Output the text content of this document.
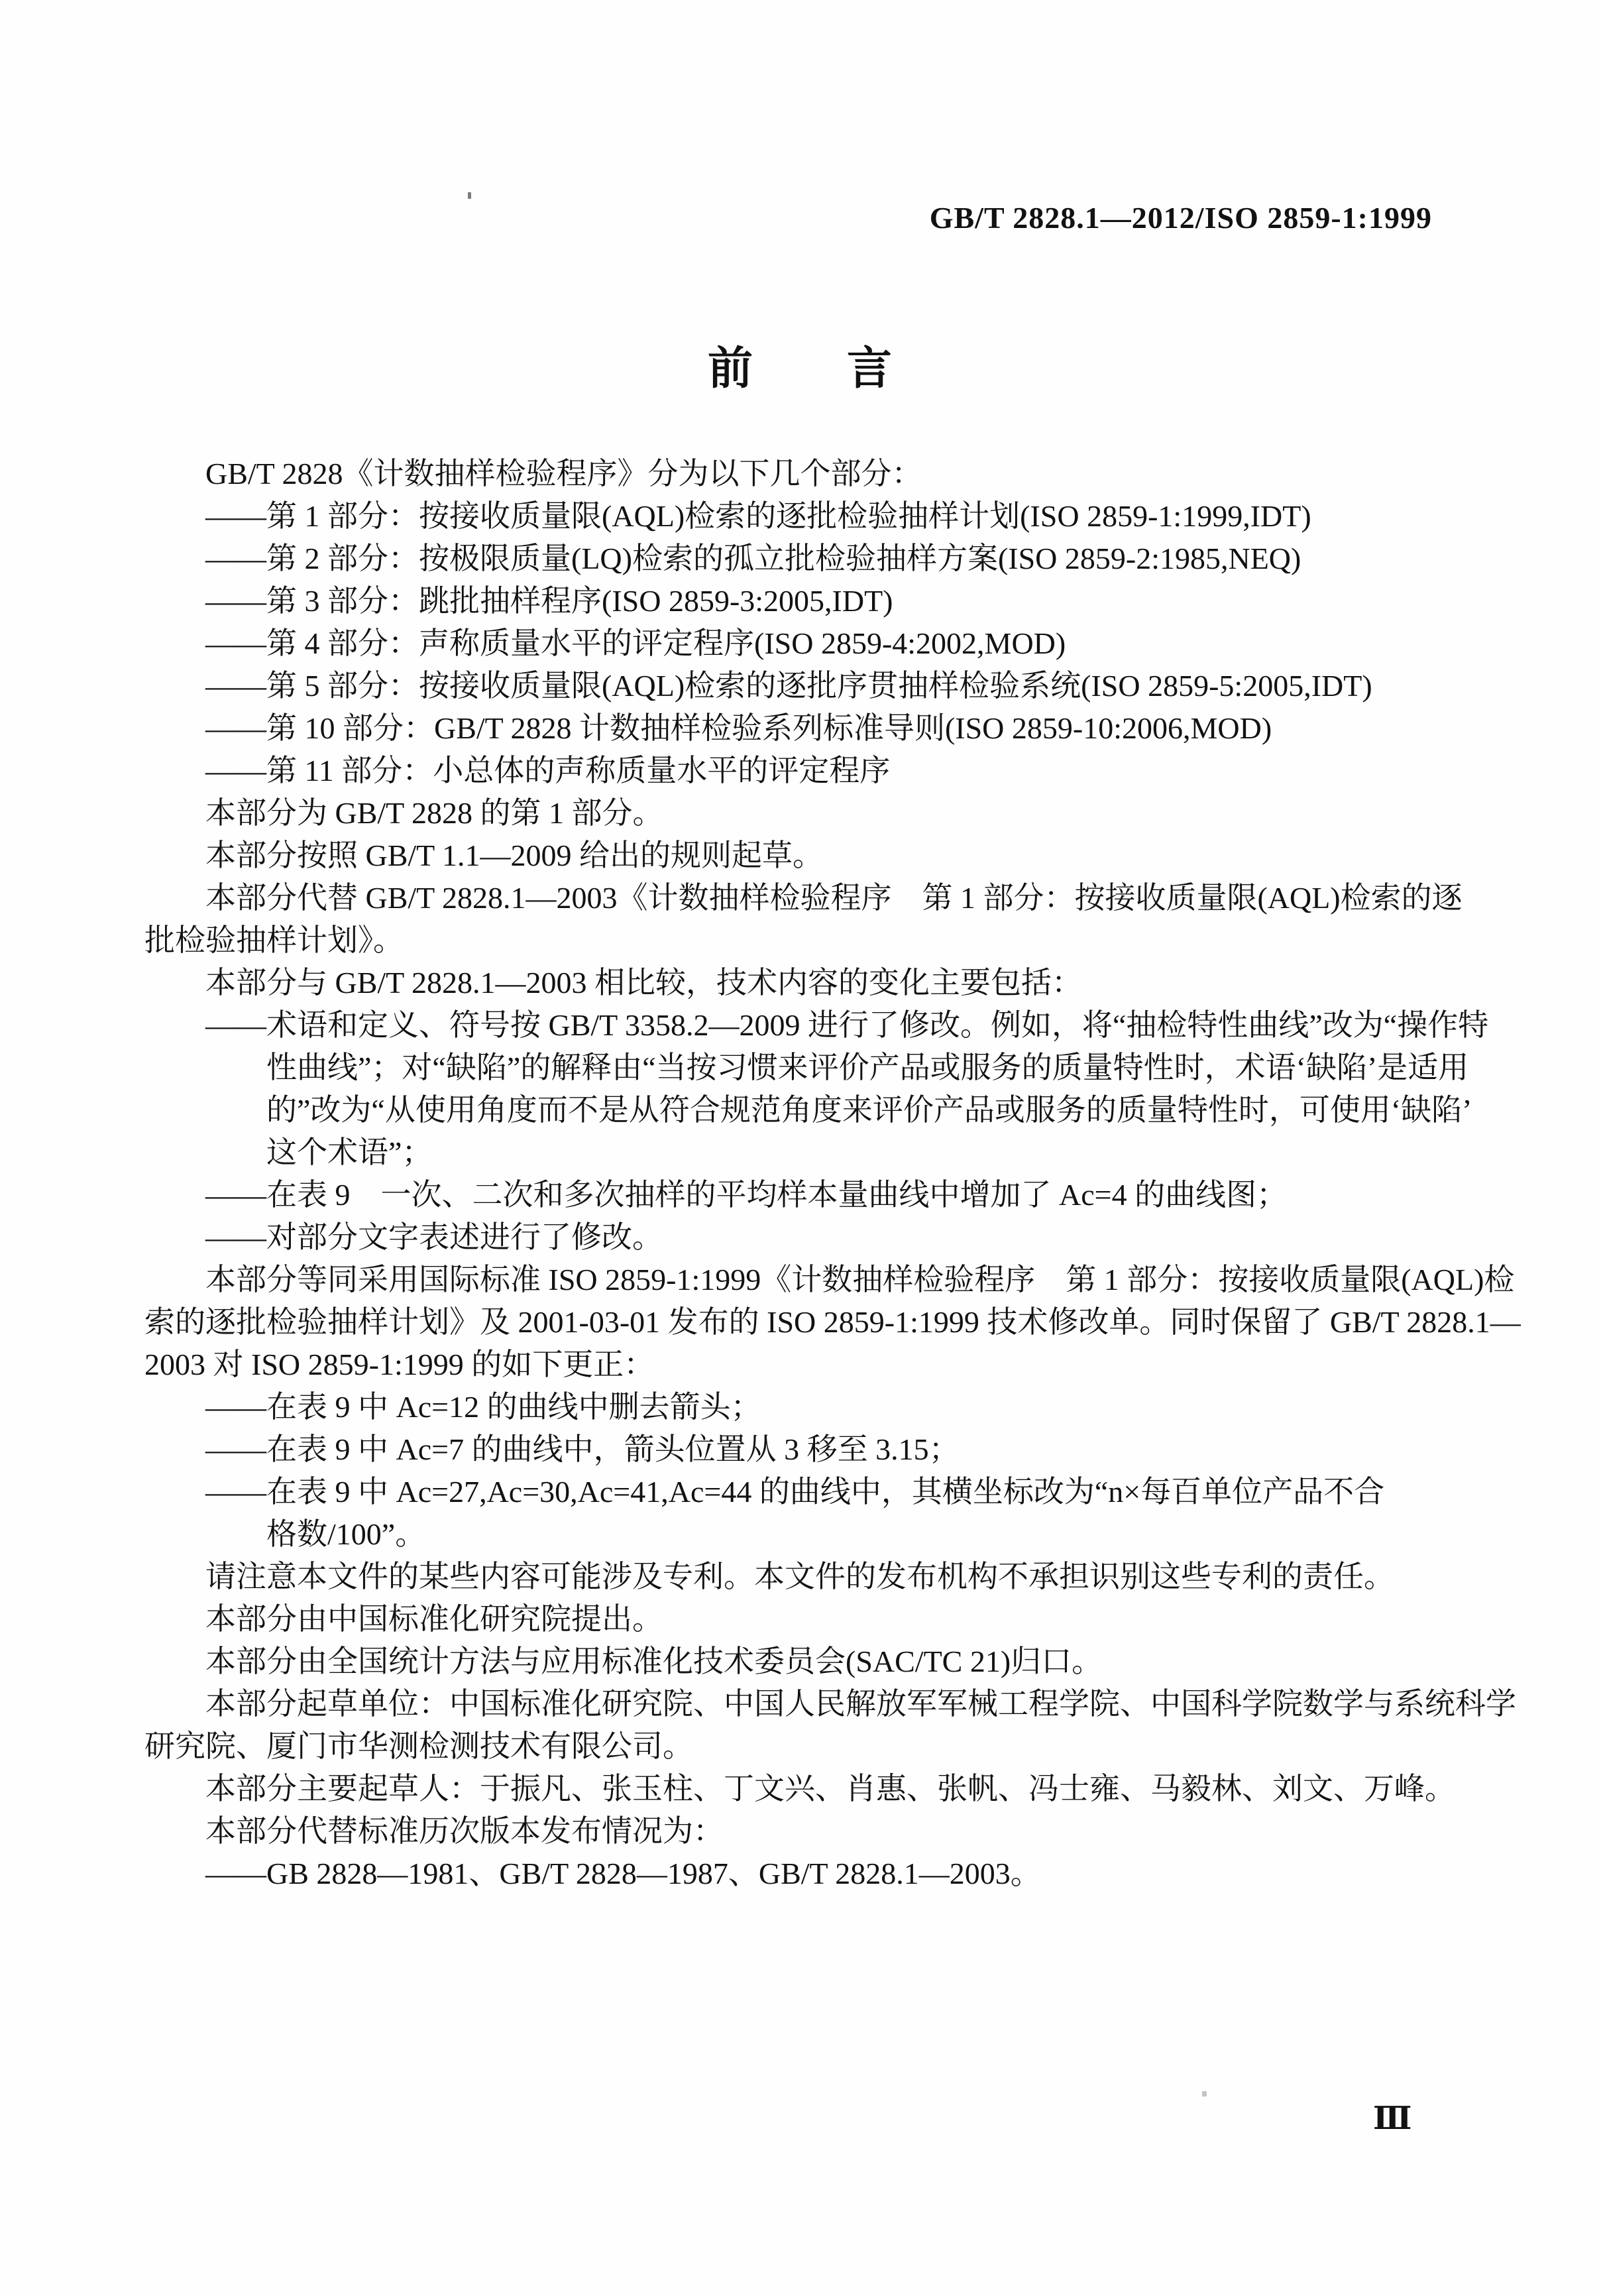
GB/T 2828.1—2012/ISO 2859-1:1999
前　　言
GB/T 2828《计数抽样检验程序》分为以下几个部分：
——第 1 部分：按接收质量限(AQL)检索的逐批检验抽样计划(ISO 2859-1:1999,IDT)
——第 2 部分：按极限质量(LQ)检索的孤立批检验抽样方案(ISO 2859-2:1985,NEQ)
——第 3 部分：跳批抽样程序(ISO 2859-3:2005,IDT)
——第 4 部分：声称质量水平的评定程序(ISO 2859-4:2002,MOD)
——第 5 部分：按接收质量限(AQL)检索的逐批序贯抽样检验系统(ISO 2859-5:2005,IDT)
——第 10 部分：GB/T 2828 计数抽样检验系列标准导则(ISO 2859-10:2006,MOD)
——第 11 部分：小总体的声称质量水平的评定程序
本部分为 GB/T 2828 的第 1 部分。
本部分按照 GB/T 1.1—2009 给出的规则起草。
本部分代替 GB/T 2828.1—2003《计数抽样检验程序　第 1 部分：按接收质量限(AQL)检索的逐
批检验抽样计划》。
本部分与 GB/T 2828.1—2003 相比较，技术内容的变化主要包括：
——术语和定义、符号按 GB/T 3358.2—2009 进行了修改。例如，将“抽检特性曲线”改为“操作特
性曲线”；对“缺陷”的解释由“当按习惯来评价产品或服务的质量特性时，术语‘缺陷’是适用
的”改为“从使用角度而不是从符合规范角度来评价产品或服务的质量特性时，可使用‘缺陷’
这个术语”；
——在表 9　一次、二次和多次抽样的平均样本量曲线中增加了 Ac=4 的曲线图；
——对部分文字表述进行了修改。
本部分等同采用国际标准 ISO 2859-1:1999《计数抽样检验程序　第 1 部分：按接收质量限(AQL)检
索的逐批检验抽样计划》及 2001-03-01 发布的 ISO 2859-1:1999 技术修改单。同时保留了 GB/T 2828.1—
2003 对 ISO 2859-1:1999 的如下更正：
——在表 9 中 Ac=12 的曲线中删去箭头；
——在表 9 中 Ac=7 的曲线中，箭头位置从 3 移至 3.15；
——在表 9 中 Ac=27,Ac=30,Ac=41,Ac=44 的曲线中，其横坐标改为“n×每百单位产品不合
格数/100”。
请注意本文件的某些内容可能涉及专利。本文件的发布机构不承担识别这些专利的责任。
本部分由中国标准化研究院提出。
本部分由全国统计方法与应用标准化技术委员会(SAC/TC 21)归口。
本部分起草单位：中国标准化研究院、中国人民解放军军械工程学院、中国科学院数学与系统科学
研究院、厦门市华测检测技术有限公司。
本部分主要起草人：于振凡、张玉柱、丁文兴、肖惠、张帆、冯士雍、马毅林、刘文、万峰。
本部分代替标准历次版本发布情况为：
——GB 2828—1981、GB/T 2828—1987、GB/T 2828.1—2003。
Ⅲ
